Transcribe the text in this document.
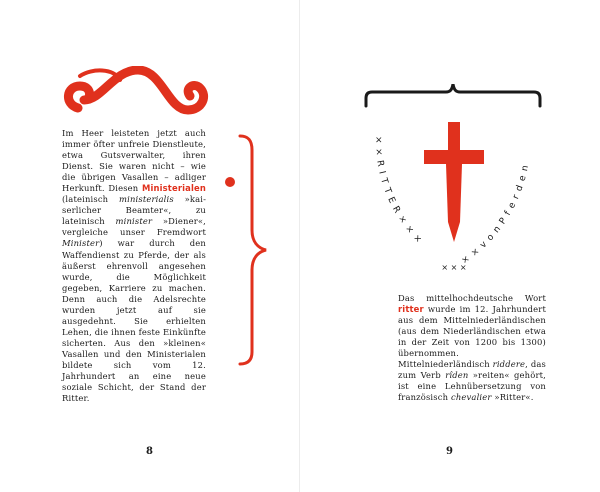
Im Heer leisteten jetzt auch immer öfter unfreie Dienstleute, etwa Gutsverwalter, ihren Dienst. Sie waren nicht – wie die übrigen Vasallen – adliger Herkunft. Diesen Ministerialen (lateinisch ministerialis »kaiserlicher Beamter«, zu lateinisch minister »Diener«, vergleiche unser Fremdwort Minister) war durch den Waffendienst zu Pferde, der als äußerst ehrenvoll angesehen wurde, die Möglichkeit gegeben, Karriere zu machen. Denn auch die Adelsrechte wurden jetzt auf sie ausgedehnt. Sie erhielten Lehen, die ihnen feste Einkünfte sicherten. Aus den »kleinen« Vasallen und den Ministerialen bildete sich vom 12. Jahrhundert an eine neue soziale Schicht, der Stand der Ritter.

8
× × R I T T E R × × ×
× × v o n P f e r d e n
× × ×

Das mittelhochdeutsche Wort ritter wurde im 12. Jahrhundert aus dem Mittelniederländischen (aus dem Niederländischen etwa in der Zeit von 1200 bis 1300) übernommen. Mittelniederländisch riddere, das zum Verb rîden »reiten« gehört, ist eine Lehnübersetzung von französisch chevalier »Ritter«.

9
